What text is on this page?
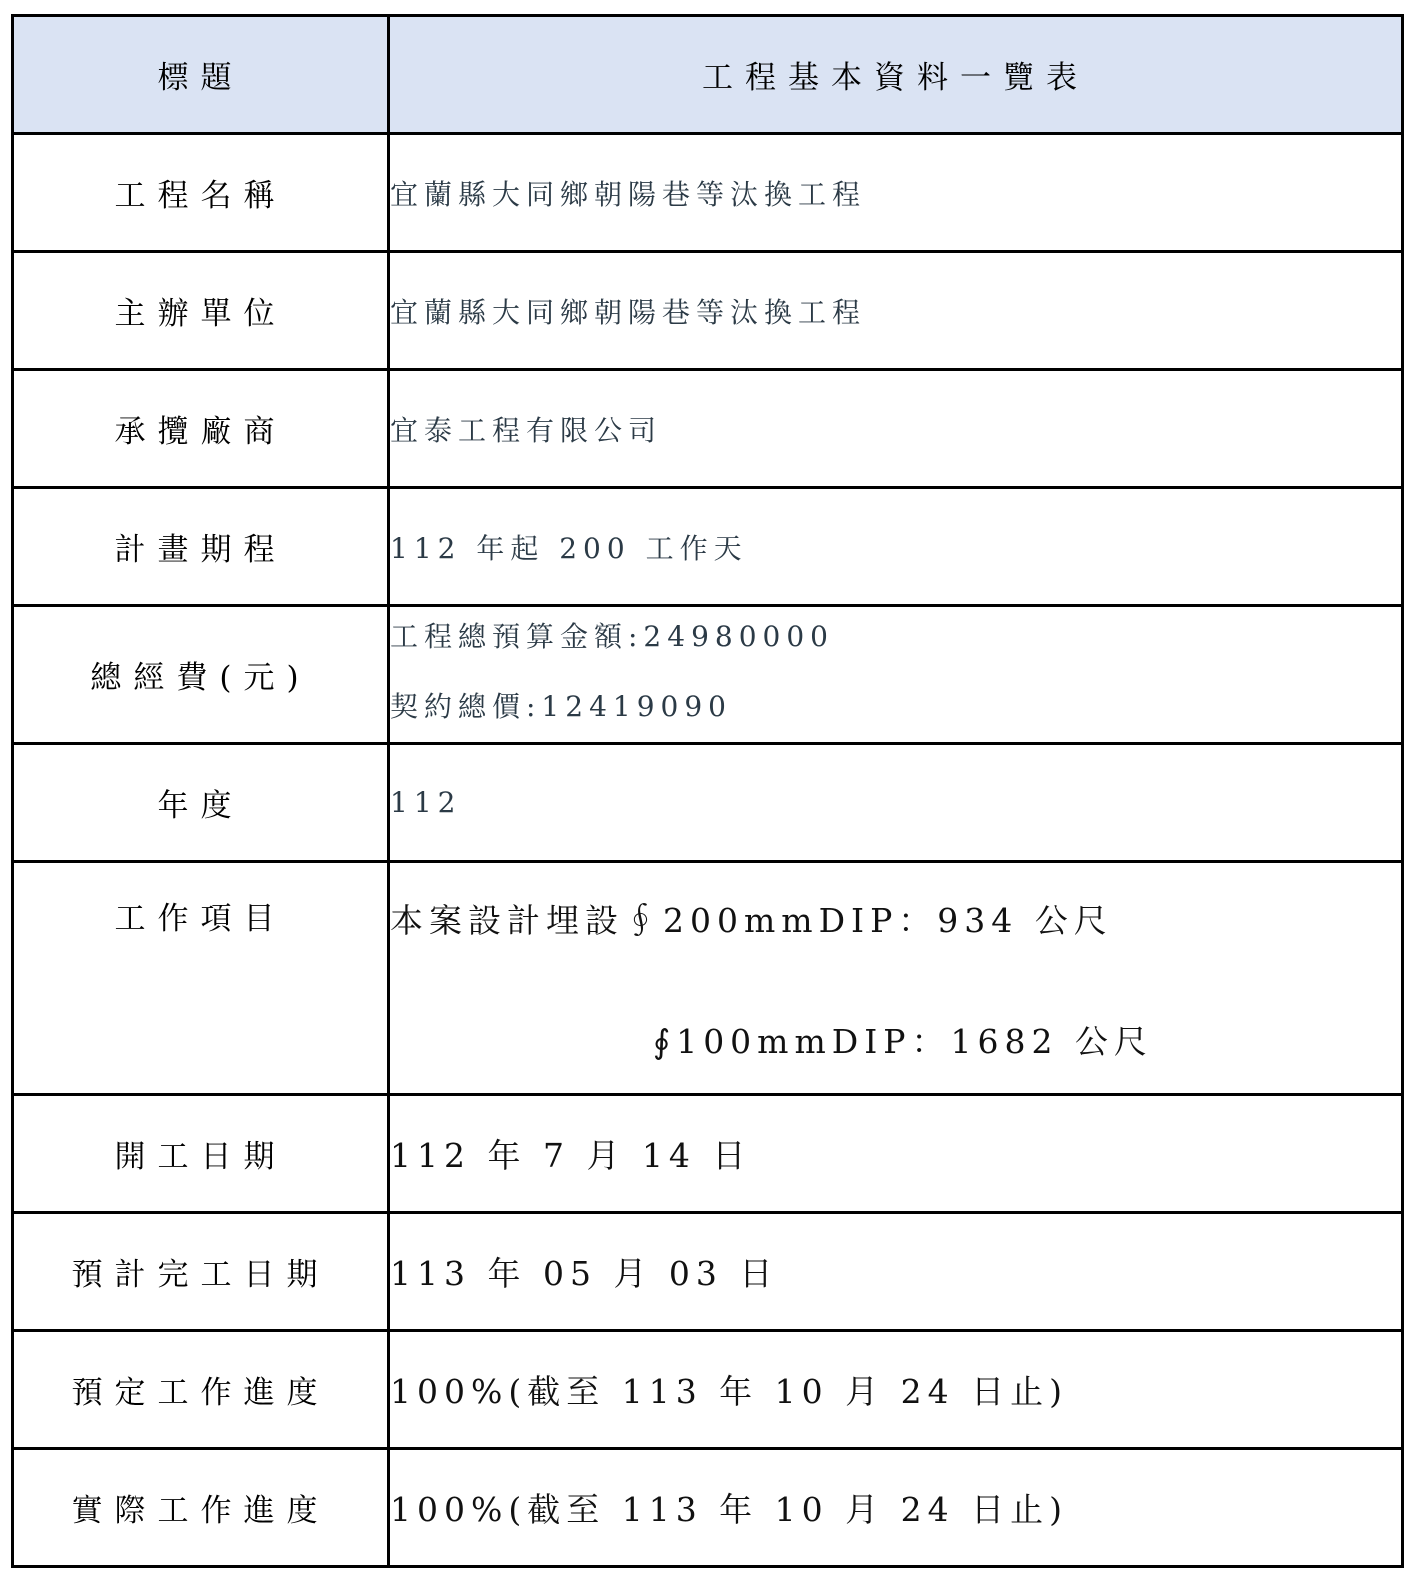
標題	工程基本資料一覽表
工程名稱	宜蘭縣大同鄉朝陽巷等汰換工程
主辦單位	宜蘭縣大同鄉朝陽巷等汰換工程
承攬廠商	宜泰工程有限公司
計畫期程	112 年起 200 工作天
總經費(元)	工程總預算金額:24980000
契約總價:12419090

年度	112
工作項目	本案設計埋設∮200mmDIP：934 公尺
∮100mmDIP：1682 公尺

開工日期	112 年 7 月 14 日
預計完工日期	113 年 05 月 03 日
預定工作進度	100%(截至 113 年 10 月 24 日止)
實際工作進度	100%(截至 113 年 10 月 24 日止)
